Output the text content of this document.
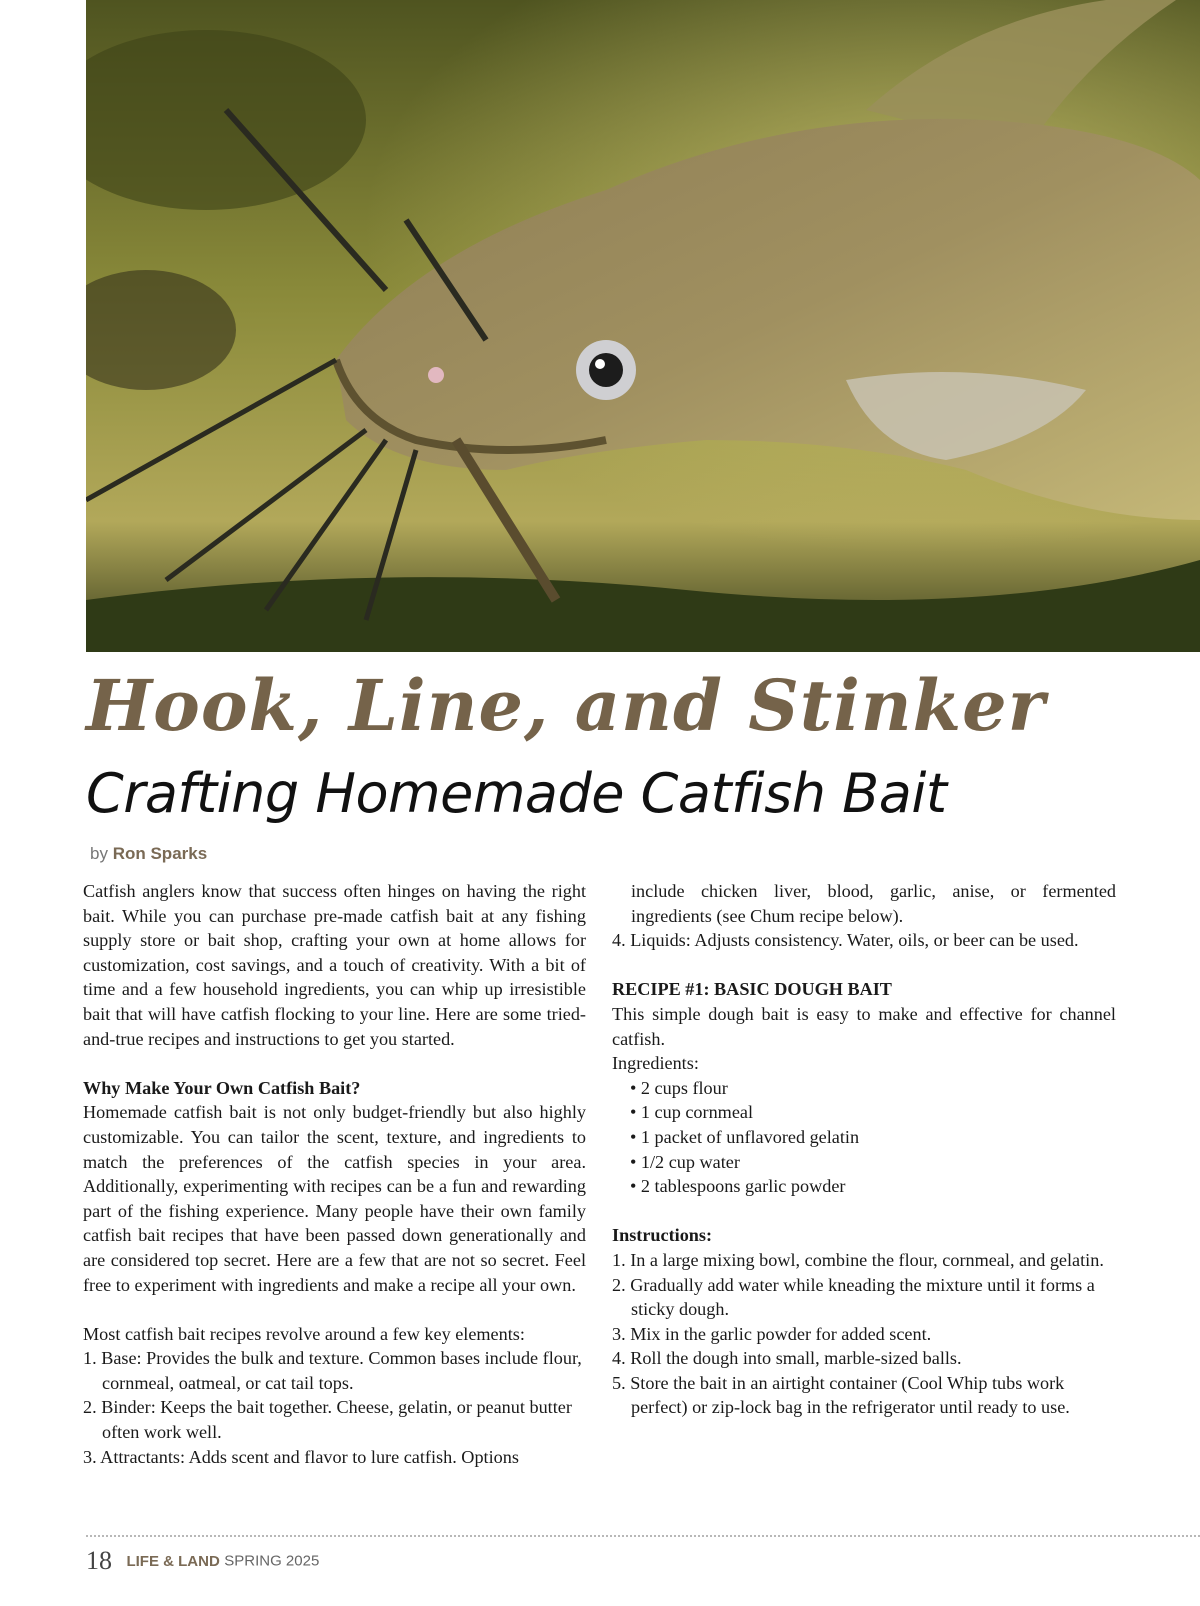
Hook, Line, and Stinker
Crafting Homemade Catfish Bait
by Ron Sparks

Catfish anglers know that success often hinges on having the right bait. While you can purchase pre-made catfish bait at any fishing supply store or bait shop, crafting your own at home allows for customization, cost savings, and a touch of creativity. With a bit of time and a few household ingredients, you can whip up irresistible bait that will have catfish flocking to your line. Here are some tried-and-true recipes and instructions to get you started.

Why Make Your Own Catfish Bait?

Homemade catfish bait is not only budget-friendly but also highly customizable. You can tailor the scent, texture, and ingredients to match the preferences of the catfish species in your area. Additionally, experimenting with recipes can be a fun and rewarding part of the fishing experience. Many people have their own family catfish bait recipes that have been passed down generationally and are considered top secret. Here are a few that are not so secret. Feel free to experiment with ingredients and make a recipe all your own.

Most catfish bait recipes revolve around a few key elements:

1. Base: Provides the bulk and texture. Common bases include flour, cornmeal, oatmeal, or cat tail tops.

2. Binder: Keeps the bait together. Cheese, gelatin, or peanut butter often work well.

3. Attractants: Adds scent and flavor to lure catfish. Options

include chicken liver, blood, garlic, anise, or fermented ingredients (see Chum recipe below).

4. Liquids: Adjusts consistency. Water, oils, or beer can be used.

RECIPE #1: BASIC DOUGH BAIT

This simple dough bait is easy to make and effective for channel catfish.

Ingredients:

• 2 cups flour

• 1 cup cornmeal

• 1 packet of unflavored gelatin

• 1/2 cup water

• 2 tablespoons garlic powder

Instructions:

1. In a large mixing bowl, combine the flour, cornmeal, and gelatin.

2. Gradually add water while kneading the mixture until it forms a sticky dough.

3. Mix in the garlic powder for added scent.

4. Roll the dough into small, marble-sized balls.

5. Store the bait in an airtight container (Cool Whip tubs work perfect) or zip-lock bag in the refrigerator until ready to use.

18 LIFE & LAND SPRING 2025
